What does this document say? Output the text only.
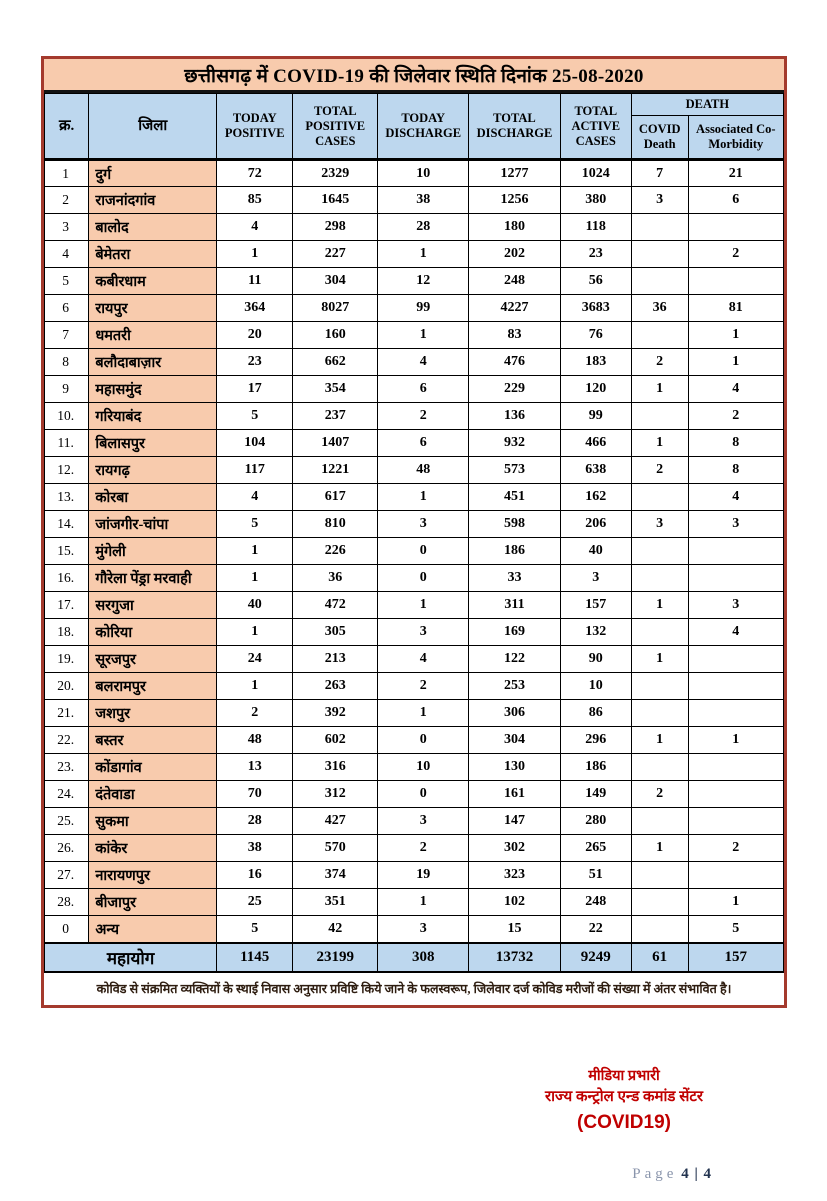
छत्तीसगढ़ में COVID-19 की जिलेवार स्थिति दिनांक 25-08-2020
क्र.	जिला	TODAY POSITIVE	TOTAL POSITIVE CASES	TODAY DISCHARGE	TOTAL DISCHARGE	TOTAL ACTIVE CASES	DEATH	
							COVID Death	Associated Co-Morbidity
1	दुर्ग	72	2329	10	1277	1024	7	21
2	राजनांदगांव	85	1645	38	1256	380	3	6
3	बालोद	4	298	28	180	118		
4	बेमेतरा	1	227	1	202	23		2
5	कबीरधाम	11	304	12	248	56		
6	रायपुर	364	8027	99	4227	3683	36	81
7	धमतरी	20	160	1	83	76		1
8	बलौदाबाज़ार	23	662	4	476	183	2	1
9	महासमुंद	17	354	6	229	120	1	4
10.	गरियाबंद	5	237	2	136	99		2
11.	बिलासपुर	104	1407	6	932	466	1	8
12.	रायगढ़	117	1221	48	573	638	2	8
13.	कोरबा	4	617	1	451	162		4
14.	जांजगीर-चांपा	5	810	3	598	206	3	3
15.	मुंगेली	1	226	0	186	40		
16.	गौरेला पेंड्रा मरवाही	1	36	0	33	3		
17.	सरगुजा	40	472	1	311	157	1	3
18.	कोरिया	1	305	3	169	132		4
19.	सूरजपुर	24	213	4	122	90	1	
20.	बलरामपुर	1	263	2	253	10		
21.	जशपुर	2	392	1	306	86		
22.	बस्तर	48	602	0	304	296	1	1
23.	कोंडागांव	13	316	10	130	186		
24.	दंतेवाडा	70	312	0	161	149	2	
25.	सुकमा	28	427	3	147	280		
26.	कांकेर	38	570	2	302	265	1	2
27.	नारायणपुर	16	374	19	323	51		
28.	बीजापुर	25	351	1	102	248		1
0	अन्य	5	42	3	15	22		5
महायोग		1145	23199	308	13732	9249	61	157
कोविड से संक्रमित व्यक्तियों के स्थाई निवास अनुसार प्रविष्टि किये जाने के फलस्वरूप, जिलेवार दर्ज कोविड मरीजों की संख्या में अंतर संभावित है।								
मीडिया प्रभारी
राज्य कन्ट्रोल एन्ड कमांड सेंटर
(COVID19)
Page 4 | 4
